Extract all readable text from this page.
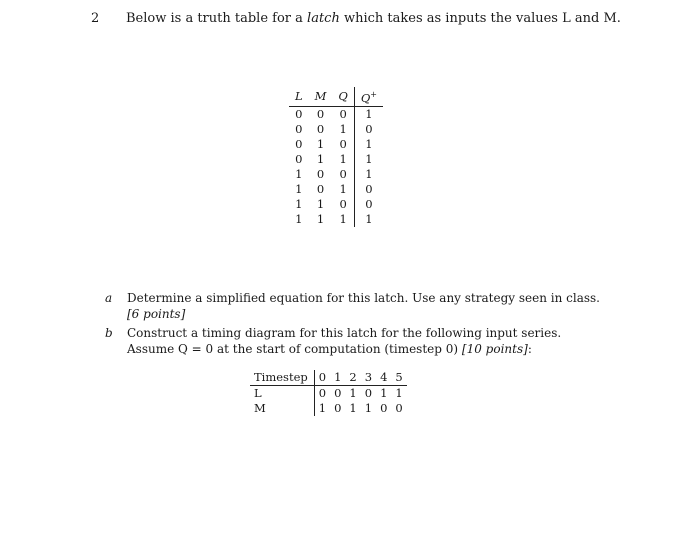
2 Below is a truth table for a latch which takes as inputs the values L and M.
L	M	Q	Q+
0	0	0	1
0	0	1	0
0	1	0	1
0	1	1	1
1	0	0	1
1	0	1	0
1	1	0	0
1	1	1	1
a Determine a simplified equation for this latch. Use any strategy seen in class.
[6 points]
b Construct a timing diagram for this latch for the following input series.
Assume Q = 0 at the start of computation (timestep 0) [10 points]:
Timestep	0	1	2	3	4	5
L	0	0	1	0	1	1
M	1	0	1	1	0	0
